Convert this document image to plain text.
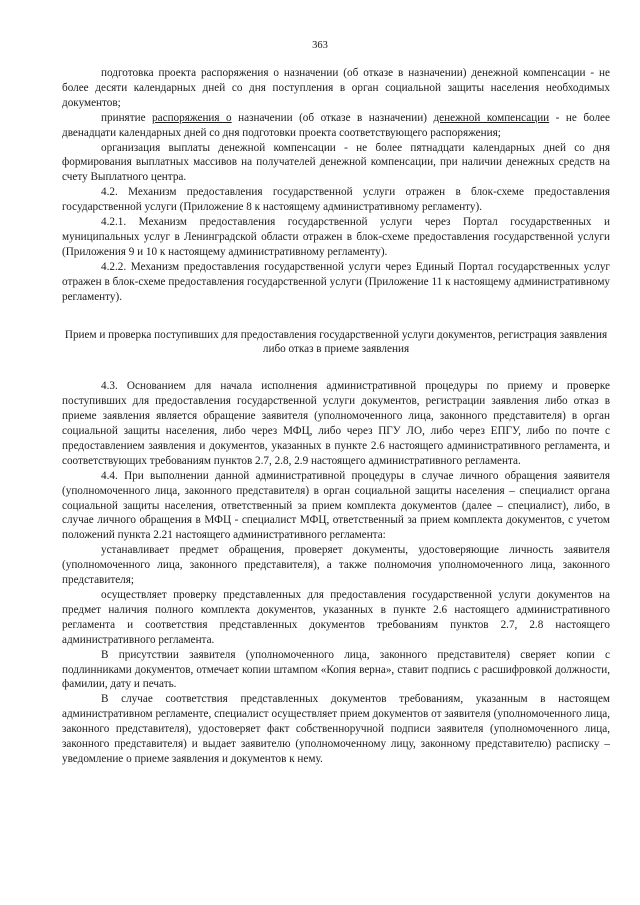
363

подготовка проекта распоряжения о назначении (об отказе в назначении) денежной компенсации - не более десяти календарных дней со дня поступления в орган социальной защиты населения необходимых документов;

принятие распоряжения о назначении (об отказе в назначении) денежной компенсации - не более двенадцати календарных дней со дня подготовки проекта соответствующего распоряжения;

организация выплаты денежной компенсации - не более пятнадцати календарных дней со дня формирования выплатных массивов на получателей денежной компенсации, при наличии денежных средств на счету Выплатного центра.

4.2. Механизм предоставления государственной услуги отражен в блок-схеме предоставления государственной услуги (Приложение 8 к настоящему административному регламенту).

4.2.1. Механизм предоставления государственной услуги через Портал государственных и муниципальных услуг в Ленинградской области отражен в блок-схеме предоставления государственной услуги (Приложения 9 и 10 к настоящему административному регламенту).

4.2.2. Механизм предоставления государственной услуги через Единый Портал государственных услуг отражен в блок-схеме предоставления государственной услуги (Приложение 11 к настоящему административному регламенту).

Прием и проверка поступивших для предоставления государственной услуги документов, регистрация заявления либо отказ в приеме заявления

4.3. Основанием для начала исполнения административной процедуры по приему и проверке поступивших для предоставления государственной услуги документов, регистрации заявления либо отказ в приеме заявления является обращение заявителя (уполномоченного лица, законного представителя) в орган социальной защиты населения, либо через МФЦ, либо через ПГУ ЛО, либо через ЕПГУ, либо по почте с предоставлением заявления и документов, указанных в пункте 2.6 настоящего административного регламента, и соответствующих требованиям пунктов 2.7, 2.8, 2.9 настоящего административного регламента.

4.4. При выполнении данной административной процедуры в случае личного обращения заявителя (уполномоченного лица, законного представителя) в орган социальной защиты населения – специалист органа социальной защиты населения, ответственный за прием комплекта документов (далее – специалист), либо, в случае личного обращения в МФЦ - специалист МФЦ, ответственный за прием комплекта документов, с учетом положений пункта 2.21 настоящего административного регламента:

устанавливает предмет обращения, проверяет документы, удостоверяющие личность заявителя (уполномоченного лица, законного представителя), а также полномочия уполномоченного лица, законного представителя;

осуществляет проверку представленных для предоставления государственной услуги документов на предмет наличия полного комплекта документов, указанных в пункте 2.6 настоящего административного регламента и соответствия представленных документов требованиям пунктов 2.7, 2.8 настоящего административного регламента.

В присутствии заявителя (уполномоченного лица, законного представителя) сверяет копии с подлинниками документов, отмечает копии штампом «Копия верна», ставит подпись с расшифровкой должности, фамилии, дату и печать.

В случае соответствия представленных документов требованиям, указанным в настоящем административном регламенте, специалист осуществляет прием документов от заявителя (уполномоченного лица, законного представителя), удостоверяет факт собственноручной подписи заявителя (уполномоченного лица, законного представителя) и выдает заявителю (уполномоченному лицу, законному представителю) расписку – уведомление о приеме заявления и документов к нему.
